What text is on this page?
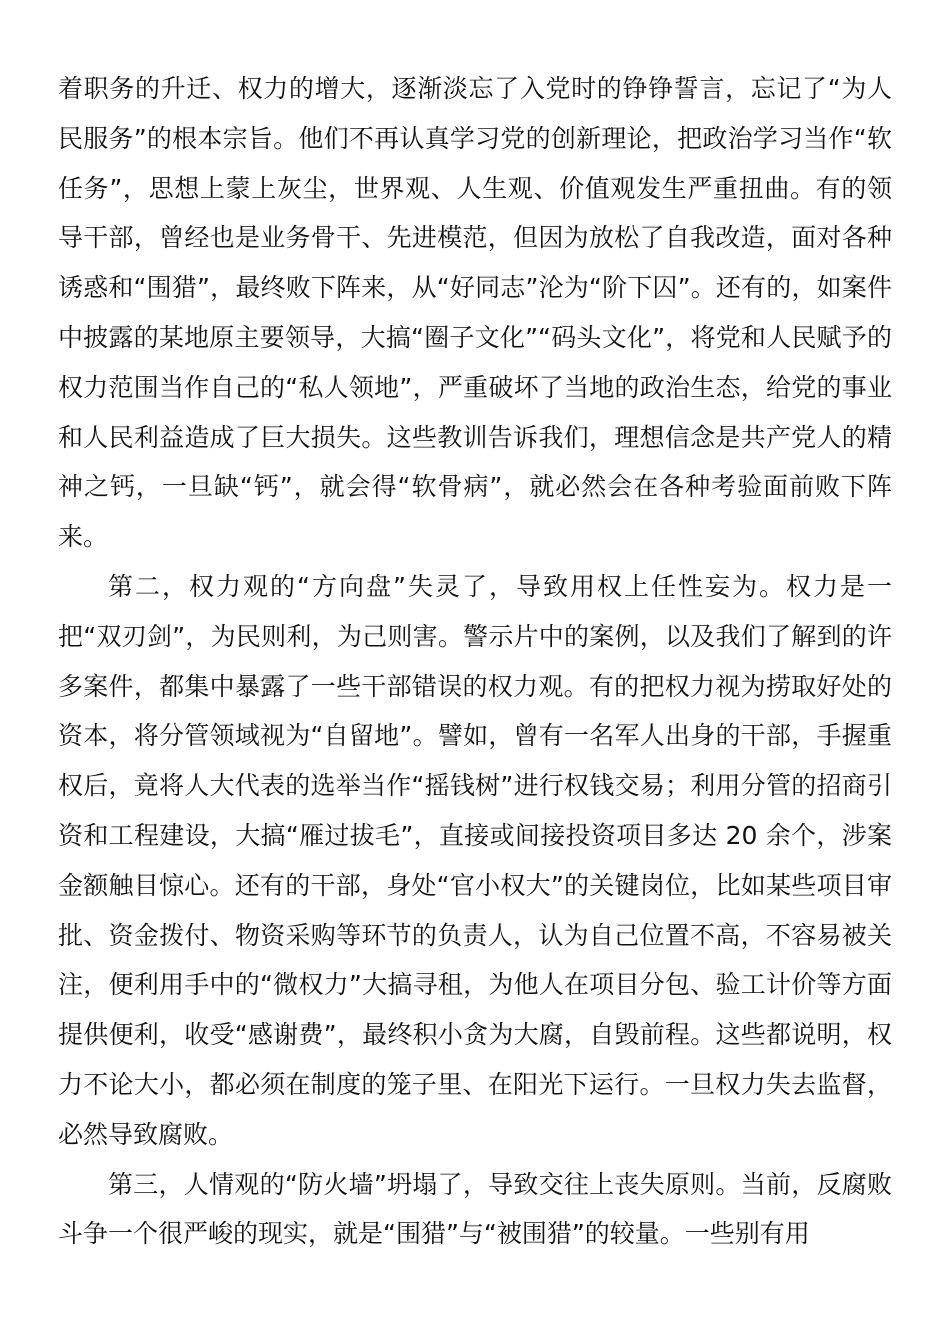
着职务的升迁、权力的增大，逐渐淡忘了入党时的铮铮誓言，忘记了“为人民服务”的根本宗旨。他们不再认真学习党的创新理论，把政治学习当作“软任务”，思想上蒙上灰尘，世界观、人生观、价值观发生严重扭曲。有的领导干部，曾经也是业务骨干、先进模范，但因为放松了自我改造，面对各种诱惑和“围猎”，最终败下阵来，从“好同志”沦为“阶下囚”。还有的，如案件中披露的某地原主要领导，大搞“圈子文化”“码头文化”，将党和人民赋予的权力范围当作自己的“私人领地”，严重破坏了当地的政治生态，给党的事业和人民利益造成了巨大损失。这些教训告诉我们，理想信念是共产党人的精神之钙，一旦缺“钙”，就会得“软骨病”，就必然会在各种考验面前败下阵来。

第二，权力观的“方向盘”失灵了，导致用权上任性妄为。权力是一把“双刃剑”，为民则利，为己则害。警示片中的案例，以及我们了解到的许多案件，都集中暴露了一些干部错误的权力观。有的把权力视为捞取好处的资本，将分管领域视为“自留地”。譬如，曾有一名军人出身的干部，手握重权后，竟将人大代表的选举当作“摇钱树”进行权钱交易；利用分管的招商引资和工程建设，大搞“雁过拔毛”，直接或间接投资项目多达 20 余个，涉案金额触目惊心。还有的干部，身处“官小权大”的关键岗位，比如某些项目审批、资金拨付、物资采购等环节的负责人，认为自己位置不高，不容易被关注，便利用手中的“微权力”大搞寻租，为他人在项目分包、验工计价等方面提供便利，收受“感谢费”，最终积小贪为大腐，自毁前程。这些都说明，权力不论大小，都必须在制度的笼子里、在阳光下运行。一旦权力失去监督，必然导致腐败。

第三，人情观的“防火墙”坍塌了，导致交往上丧失原则。当前，反腐败斗争一个很严峻的现实，就是“围猎”与“被围猎”的较量。一些别有用
